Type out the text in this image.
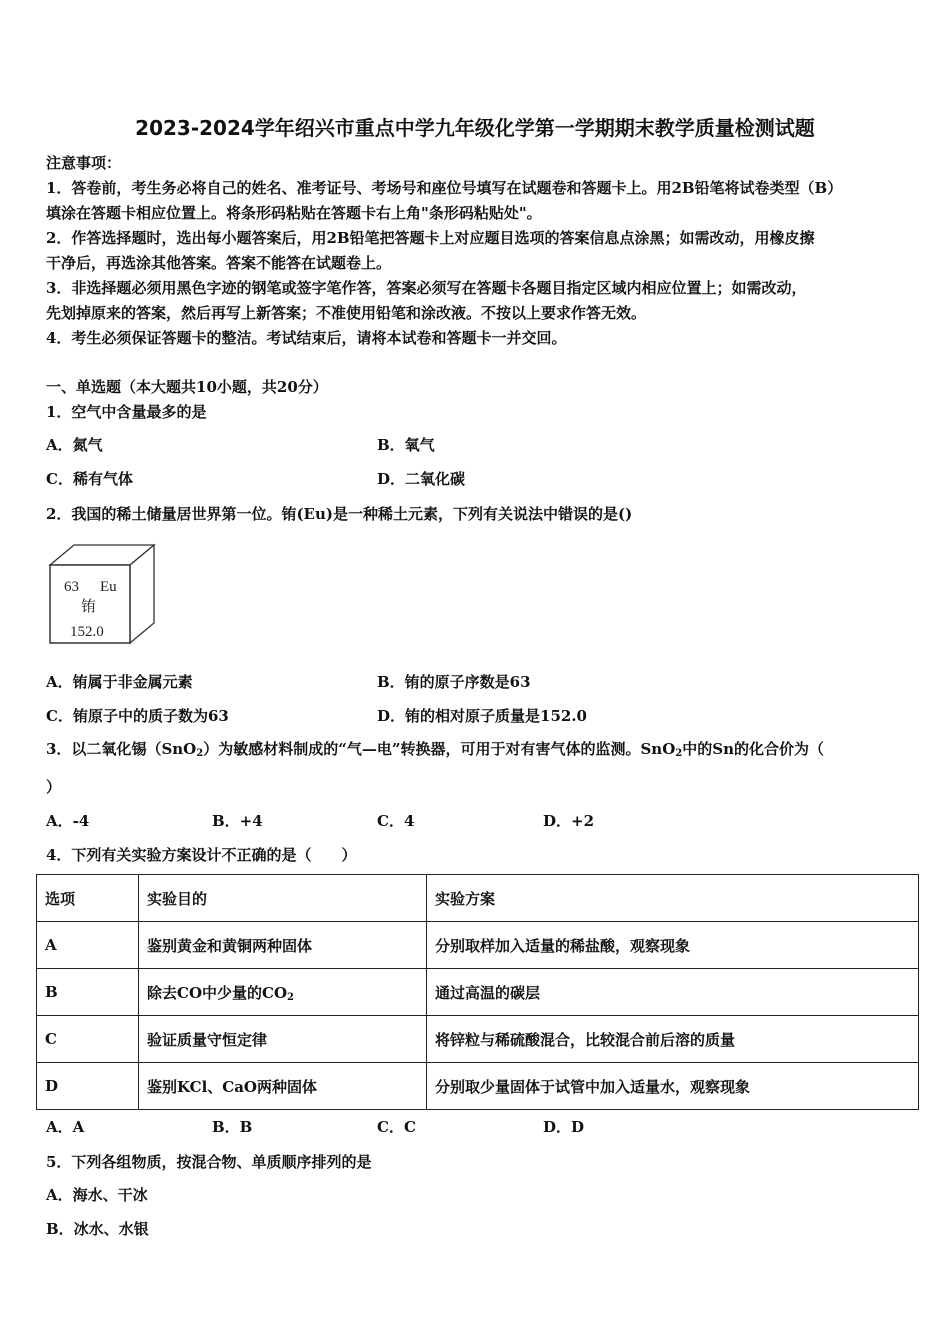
2023-2024学年绍兴市重点中学九年级化学第一学期期末教学质量检测试题
注意事项：
1．答卷前，考生务必将自己的姓名、准考证号、考场号和座位号填写在试题卷和答题卡上。用2B铅笔将试卷类型（B）
填涂在答题卡相应位置上。将条形码粘贴在答题卡右上角"条形码粘贴处"。
2．作答选择题时，选出每小题答案后，用2B铅笔把答题卡上对应题目选项的答案信息点涂黑；如需改动，用橡皮擦
干净后，再选涂其他答案。答案不能答在试题卷上。
3．非选择题必须用黑色字迹的钢笔或签字笔作答，答案必须写在答题卡各题目指定区域内相应位置上；如需改动，
先划掉原来的答案，然后再写上新答案；不准使用铅笔和涂改液。不按以上要求作答无效。
4．考生必须保证答题卡的整洁。考试结束后，请将本试卷和答题卡一并交回。
一、单选题（本大题共10小题，共20分）
1．空气中含量最多的是
A．氮气	B．氧气
C．稀有气体	D．二氧化碳
2．我国的稀土储量居世界第一位。铕(Eu)是一种稀土元素，下列有关说法中错误的是()
63 Eu
铕
152.0
A．铕属于非金属元素	B．铕的原子序数是63
C．铕原子中的质子数为63	D．铕的相对原子质量是152.0
3．以二氧化锡（SnO$_2$）为敏感材料制成的“气—电”转换器，可用于对有害气体的监测。SnO$_2$中的Sn的化合价为（
）
A．-4	B．+4	C．4	D．+2
4．下列有关实验方案设计不正确的是（　　）
选项	实验目的	实验方案
A	鉴别黄金和黄铜两种固体	分别取样加入适量的稀盐酸，观察现象
B	除去CO中少量的$CO_2$	通过高温的碳层
C	验证质量守恒定律	将锌粒与稀硫酸混合，比较混合前后溶的质量
D	鉴别KCl、CaO两种固体	分别取少量固体于试管中加入适量水，观察现象
A．A	B．B	C．C	D．D
5．下列各组物质，按混合物、单质顺序排列的是
A．海水、干冰
B．冰水、水银
